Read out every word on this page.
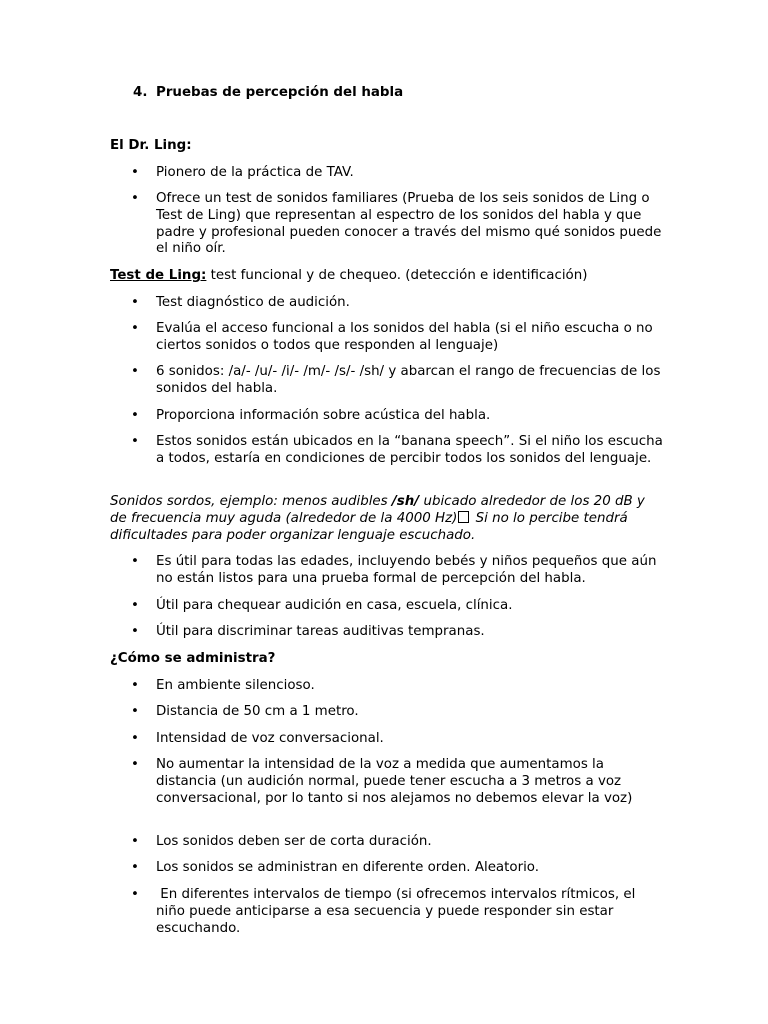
4. Pruebas de percepción del habla
El Dr. Ling:
• Pionero de la práctica de TAV.
• Ofrece un test de sonidos familiares (Prueba de los seis sonidos de Ling o Test de Ling) que representan al espectro de los sonidos del habla y que padre y profesional pueden conocer a través del mismo qué sonidos puede el niño oír.
Test de Ling: test funcional y de chequeo. (detección e identificación)
• Test diagnóstico de audición.
• Evalúa el acceso funcional a los sonidos del habla (si el niño escucha o no ciertos sonidos o todos que responden al lenguaje)
• 6 sonidos: /a/- /u/- /i/- /m/- /s/- /sh/ y abarcan el rango de frecuencias de los sonidos del habla.
• Proporciona información sobre acústica del habla.
• Estos sonidos están ubicados en la “banana speech”. Si el niño los escucha a todos, estaría en condiciones de percibir todos los sonidos del lenguaje.
Sonidos sordos, ejemplo: menos audibles /sh/ ubicado alrededor de los 20 dB y de frecuencia muy aguda (alrededor de la 4000 Hz) Si no lo percibe tendrá dificultades para poder organizar lenguaje escuchado.
• Es útil para todas las edades, incluyendo bebés y niños pequeños que aún no están listos para una prueba formal de percepción del habla.
• Útil para chequear audición en casa, escuela, clínica.
• Útil para discriminar tareas auditivas tempranas.
¿Cómo se administra?
• En ambiente silencioso.
• Distancia de 50 cm a 1 metro.
• Intensidad de voz conversacional.
• No aumentar la intensidad de la voz a medida que aumentamos la distancia (un audición normal, puede tener escucha a 3 metros a voz conversacional, por lo tanto si nos alejamos no debemos elevar la voz)
• Los sonidos deben ser de corta duración.
• Los sonidos se administran en diferente orden. Aleatorio.
• En diferentes intervalos de tiempo (si ofrecemos intervalos rítmicos, el niño puede anticiparse a esa secuencia y puede responder sin estar escuchando.
